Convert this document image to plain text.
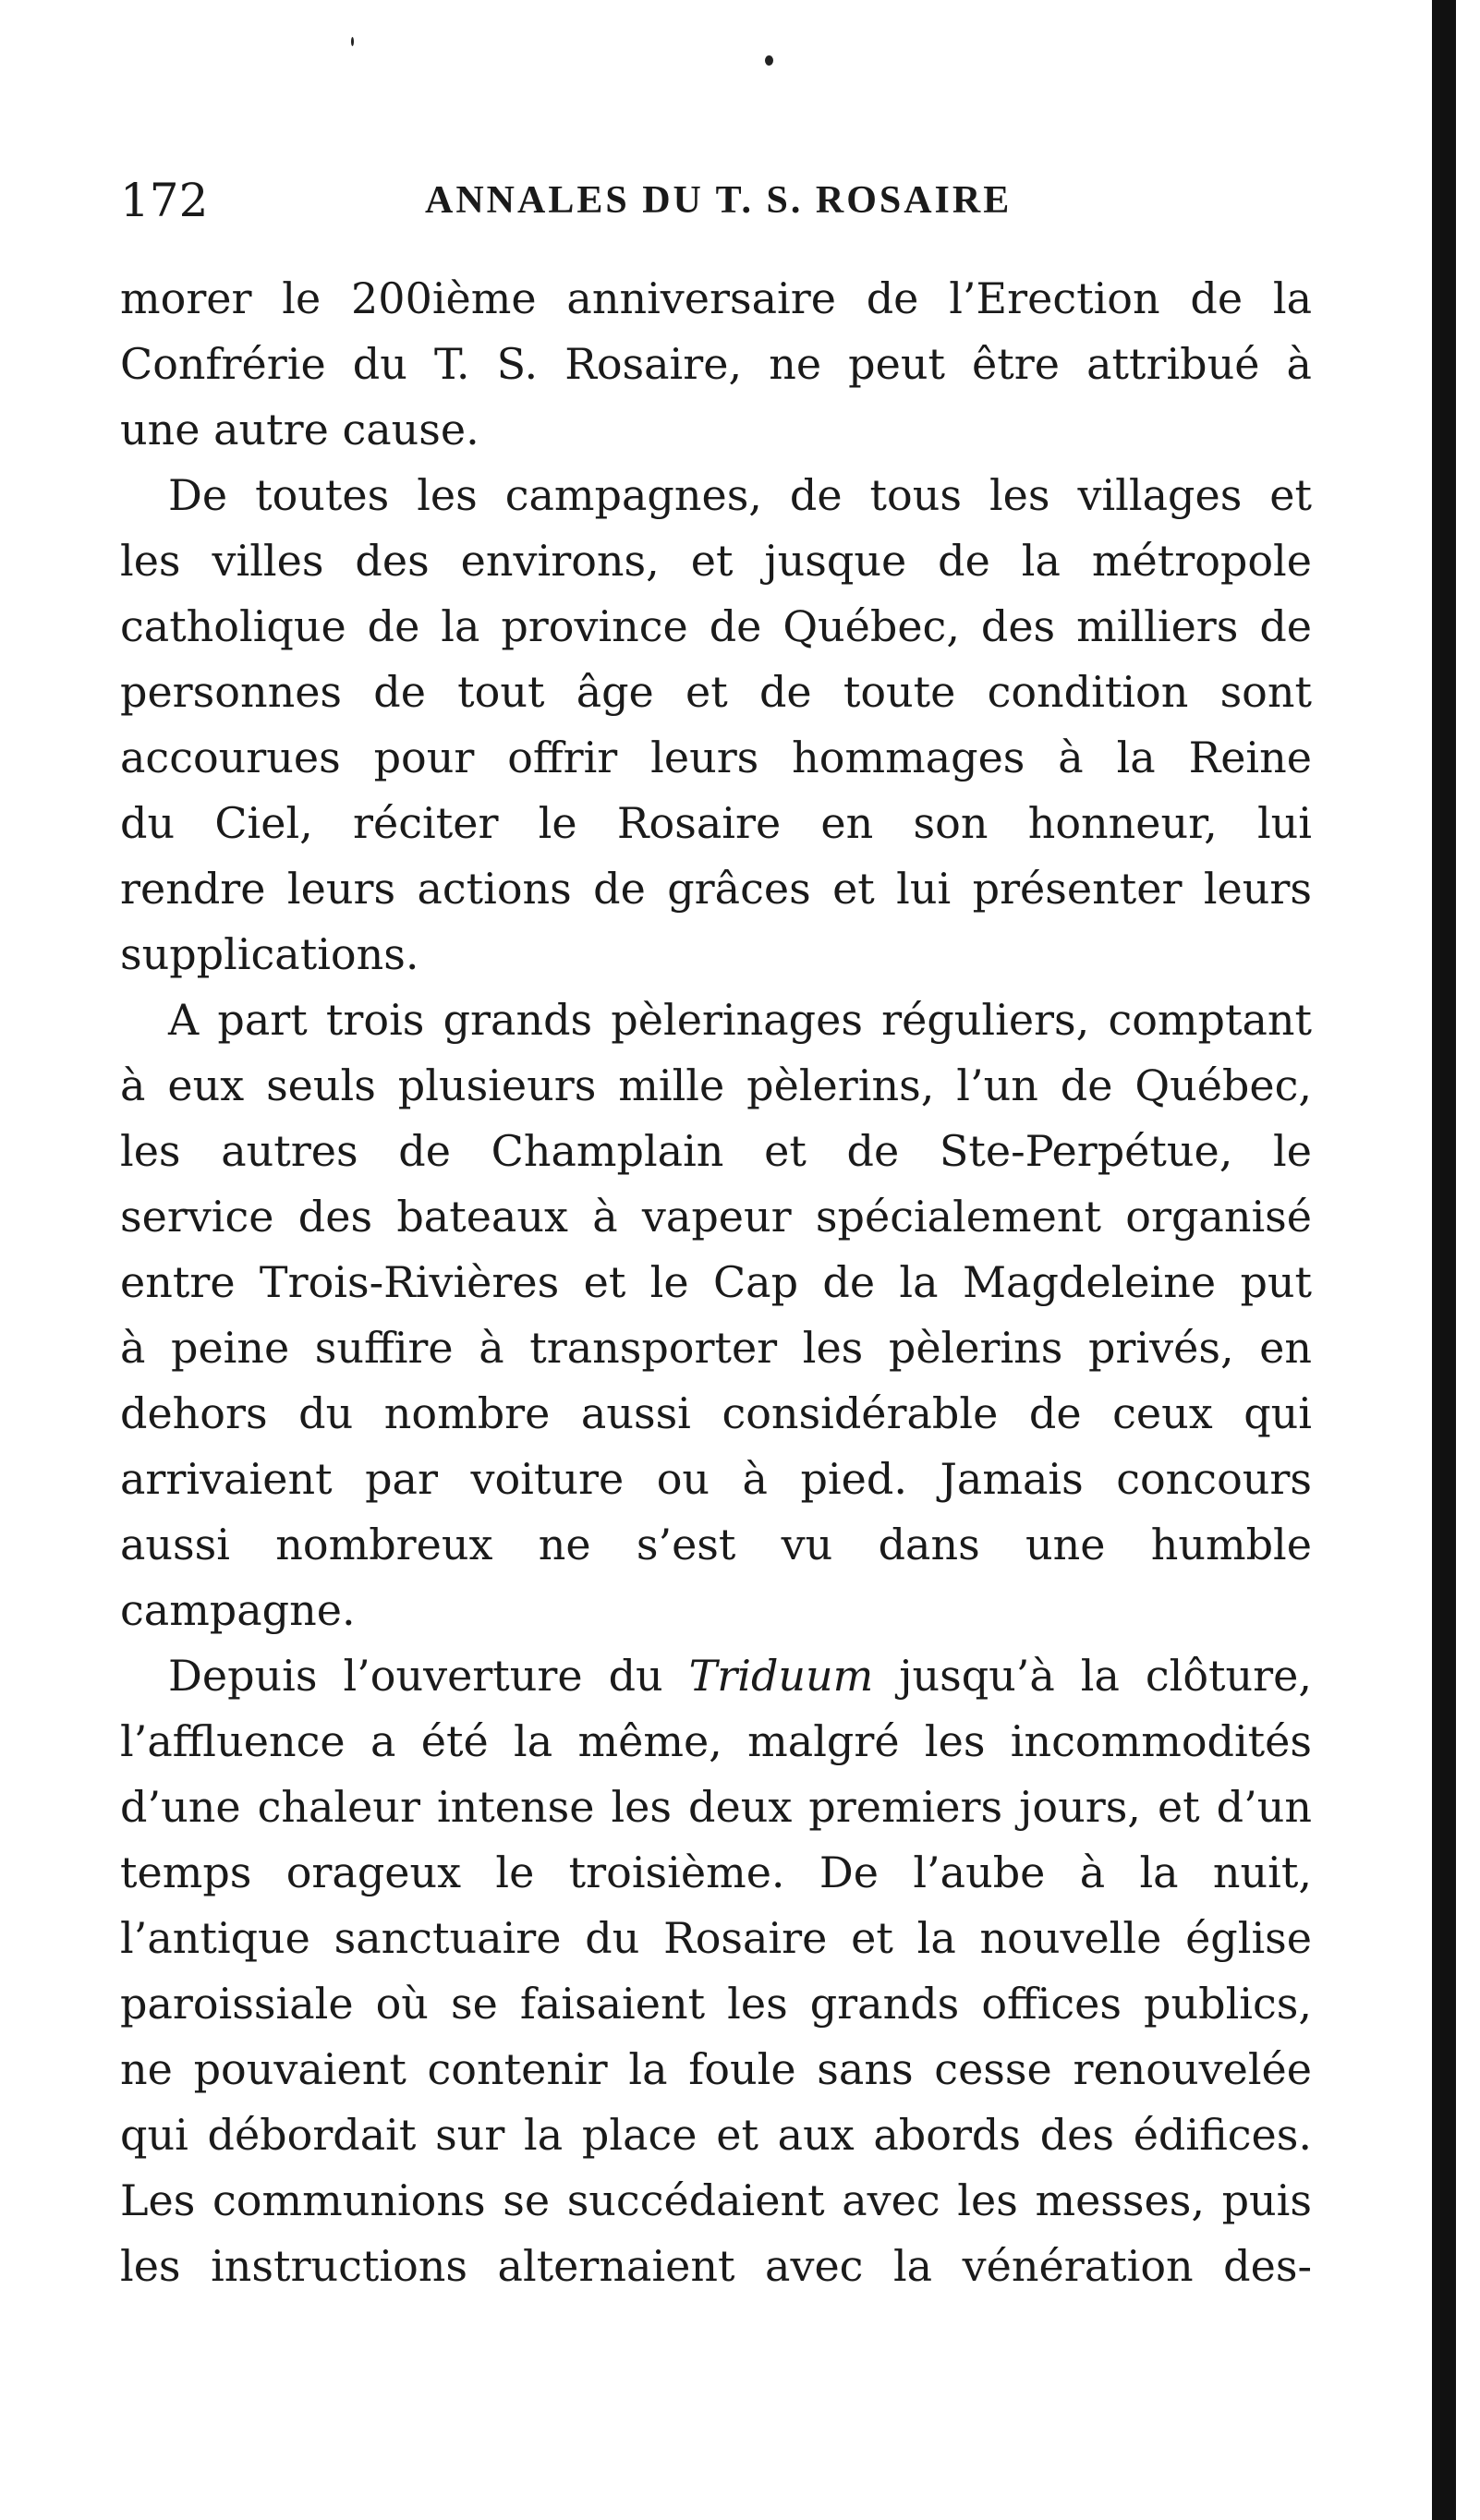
172	ANNALES DU T. S. ROSAIRE
morer le 200ième anniversaire de l’Erection de la
Confrérie du T. S. Rosaire, ne peut être attribué à
une autre cause.
De toutes les campagnes, de tous les villages et
les villes des environs, et jusque de la métropole
catholique de la province de Québec, des milliers de
personnes de tout âge et de toute condition sont
accourues pour offrir leurs hommages à la Reine
du Ciel, réciter le Rosaire en son honneur, lui
rendre leurs actions de grâces et lui présenter leurs
supplications.
A part trois grands pèlerinages réguliers, comptant
à eux seuls plusieurs mille pèlerins, l’un de Québec,
les autres de Champlain et de Ste-Perpétue, le
service des bateaux à vapeur spécialement organisé
entre Trois-Rivières et le Cap de la Magdeleine put
à peine suffire à transporter les pèlerins privés, en
dehors du nombre aussi considérable de ceux qui
arrivaient par voiture ou à pied. Jamais concours
aussi nombreux ne s’est vu dans une humble
campagne.
Depuis l’ouverture du Triduum jusqu’à la clôture,
l’affluence a été la même, malgré les incommodités
d’une chaleur intense les deux premiers jours, et d’un
temps orageux le troisième. De l’aube à la nuit,
l’antique sanctuaire du Rosaire et la nouvelle église
paroissiale où se faisaient les grands offices publics,
ne pouvaient contenir la foule sans cesse renouvelée
qui débordait sur la place et aux abords des édifices.
Les communions se succédaient avec les messes, puis
les instructions alternaient avec la vénération des-
